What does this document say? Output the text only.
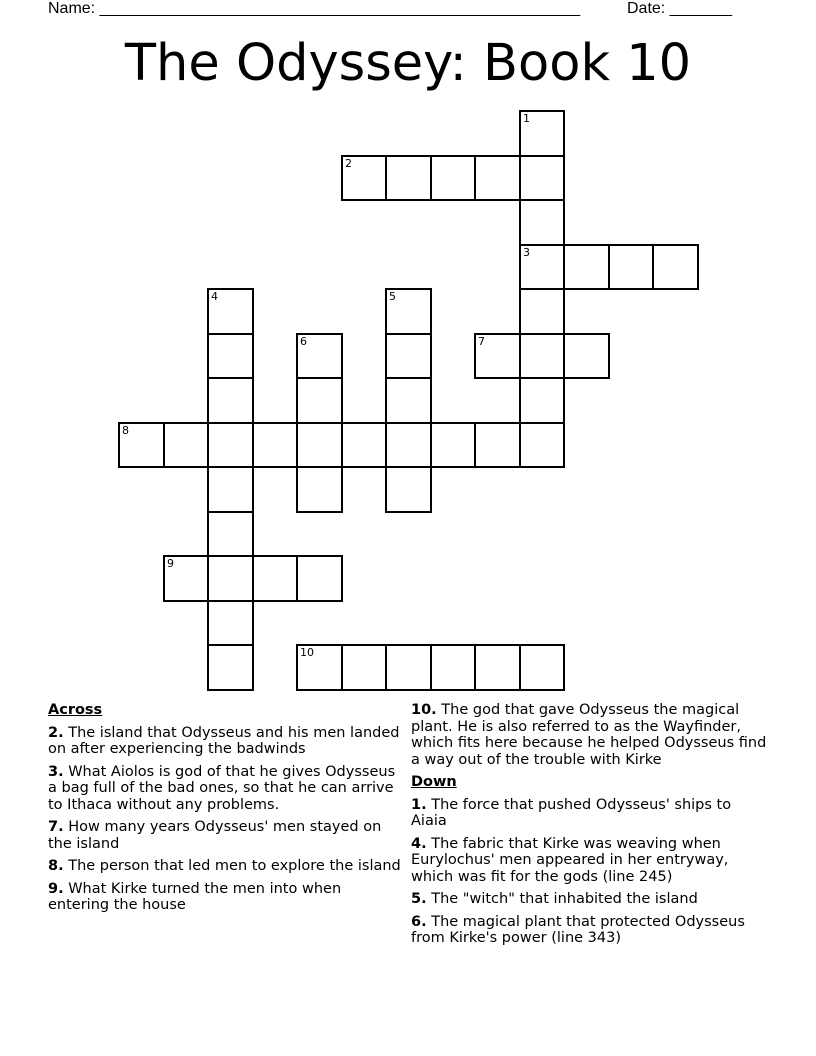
Name: ______________________________________________________	Date: _______
The Odyssey: Book 10
1
2
3
4	5
6	7
8
9
10
Across
2. The island that Odysseus and his men landed on after experiencing the badwinds
3. What Aiolos is god of that he gives Odysseus a bag full of the bad ones, so that he can arrive to Ithaca without any problems.
7. How many years Odysseus' men stayed on the island
8. The person that led men to explore the island
9. What Kirke turned the men into when entering the house
10. The god that gave Odysseus the magical plant. He is also referred to as the Wayfinder, which fits here because he helped Odysseus find a way out of the trouble with Kirke
Down
1. The force that pushed Odysseus' ships to Aiaia
4. The fabric that Kirke was weaving when Eurylochus' men appeared in her entryway, which was fit for the gods (line 245)
5. The "witch" that inhabited the island
6. The magical plant that protected Odysseus from Kirke's power (line 343)
